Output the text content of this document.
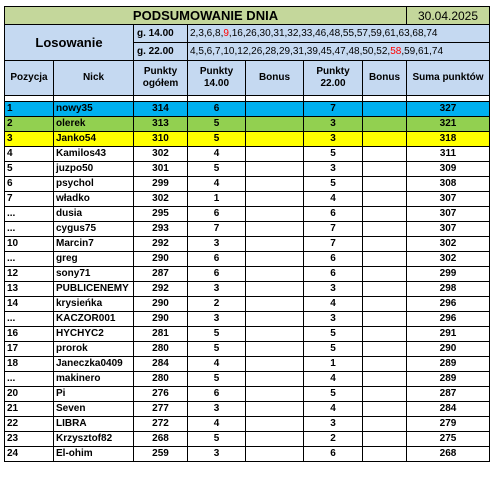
PODSUMOWANIE DNIA							30.04.2025
Losowanie		g. 14.00	2,3,6,8,9,16,26,30,31,32,33,46,48,55,57,59,61,63,68,74				
		g. 22.00	4,5,6,7,10,12,26,28,29,31,39,45,47,48,50,52,58,59,61,74				
Pozycja	Nick	Punkty ogółem	Punkty 14.00	Bonus	Punkty 22.00	Bonus	Suma punktów

1	nowy35	314	6		7		327
2	olerek	313	5		3		321
3	Janko54	310	5		3		318
4	Kamilos43	302	4		5		311
5	juzpo50	301	5		3		309
6	psychol	299	4		5		308
7	władko	302	1		4		307
...	dusia	295	6		6		307
...	cygus75	293	7		7		307
10	Marcin7	292	3		7		302
...	greg	290	6		6		302
12	sony71	287	6		6		299
13	PUBLICENEMY	292	3		3		298
14	krysieńka	290	2		4		296
...	KACZOR001	290	3		3		296
16	HYCHYC2	281	5		5		291
17	prorok	280	5		5		290
18	Janeczka0409	284	4		1		289
...	makinero	280	5		4		289
20	Pi	276	6		5		287
21	Seven	277	3		4		284
22	LIBRA	272	4		3		279
23	Krzysztof82	268	5		2		275
24	El-ohim	259	3		6		268
